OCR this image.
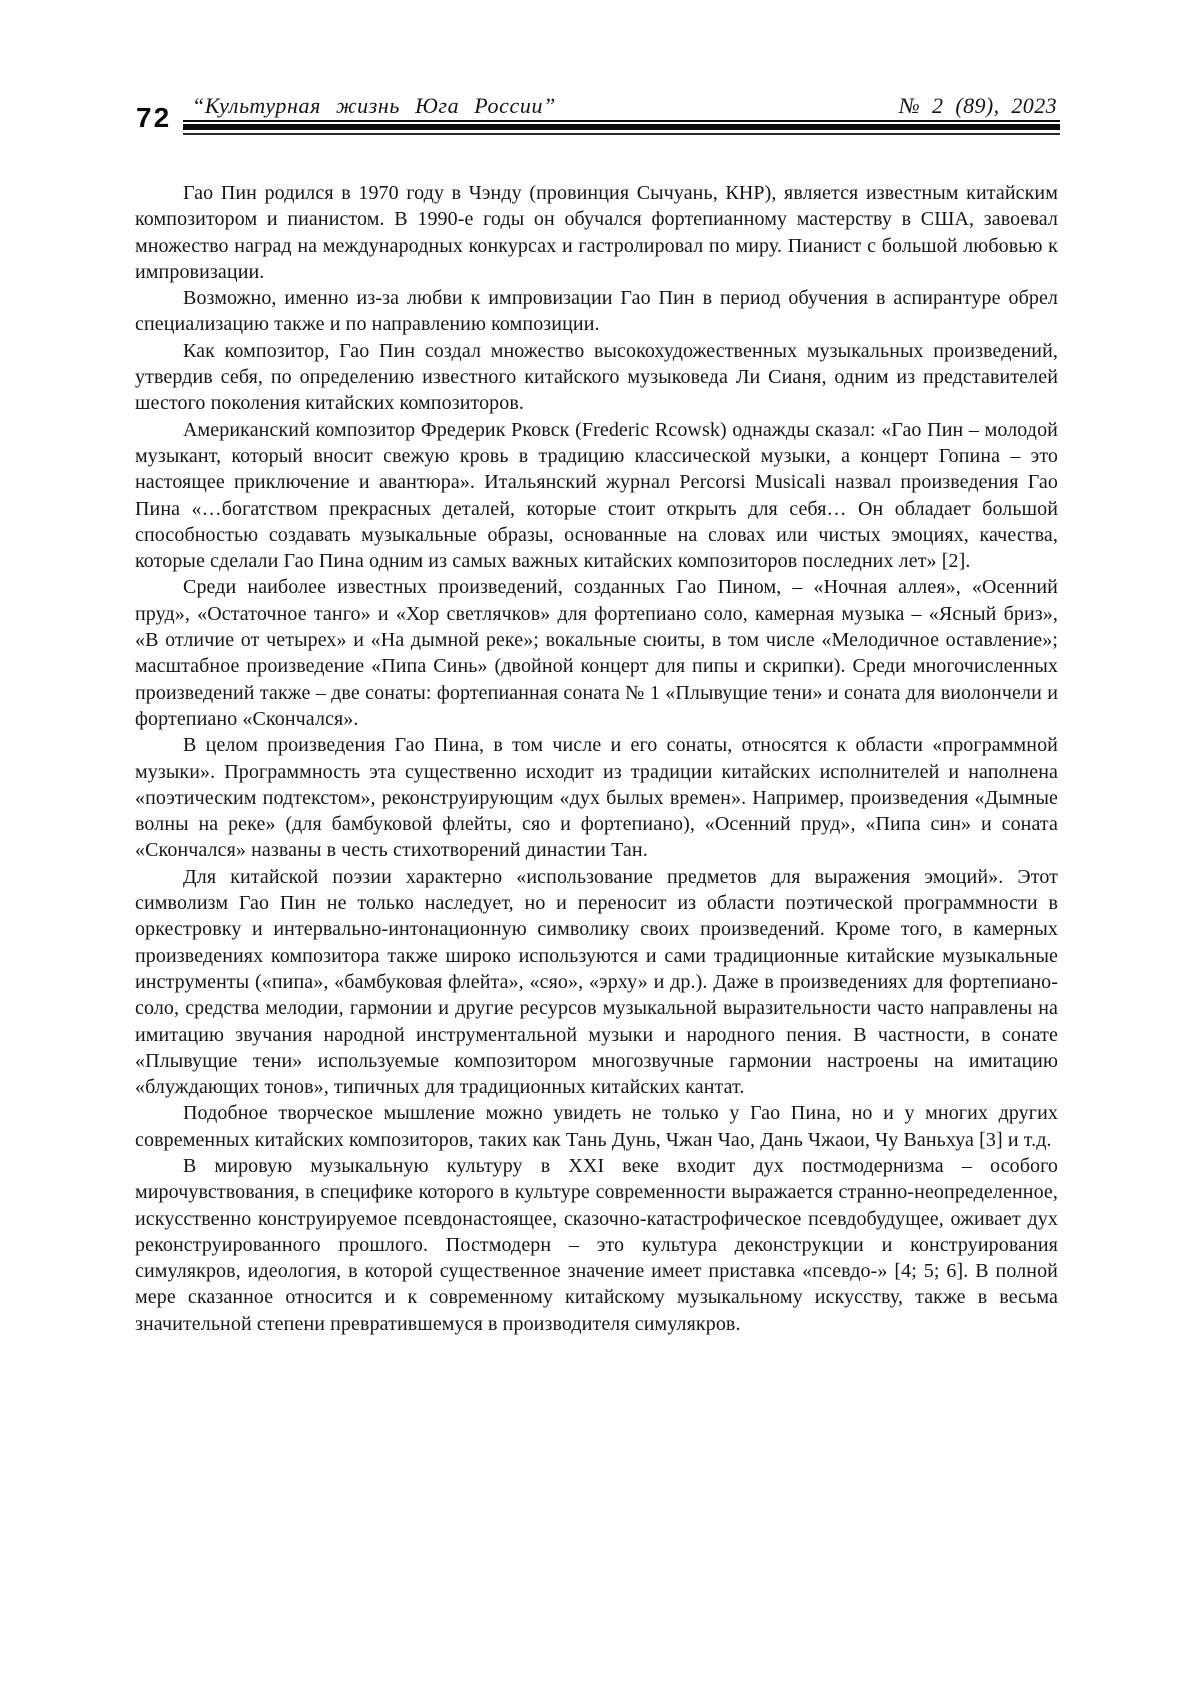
“Культурная жизнь Юга России”	№ 2 (89), 2023
72

Гао Пин родился в 1970 году в Чэнду (провинция Сычуань, КНР), является известным китайским композитором и пианистом. В 1990-е годы он обучался фортепианному мастерству в США, завоевал множество наград на международных конкурсах и гастролировал по миру. Пианист с большой любовью к импровизации.

Возможно, именно из-за любви к импровизации Гао Пин в период обучения в аспирантуре обрел специализацию также и по направлению композиции.

Как композитор, Гао Пин создал множество высокохудожественных музыкальных произведений, утвердив себя, по определению известного китайского музыковеда Ли Сианя, одним из представителей шестого поколения китайских композиторов.

Американский композитор Фредерик Рковск (Frederic Rcowsk) однажды сказал: «Гао Пин – молодой музыкант, который вносит свежую кровь в традицию классической музыки, а концерт Гопина – это настоящее приключение и авантюра». Итальянский журнал Percorsi Musicali назвал произведения Гао Пина «…богатством прекрасных деталей, которые стоит открыть для себя… Он обладает большой способностью создавать музыкальные образы, основанные на словах или чистых эмоциях, качества, которые сделали Гао Пина одним из самых важных китайских композиторов последних лет» [2].

Среди наиболее известных произведений, созданных Гао Пином, – «Ночная аллея», «Осенний пруд», «Остаточное танго» и «Хор светлячков» для фортепиано соло, камерная музыка – «Ясный бриз», «В отличие от четырех» и «На дымной реке»; вокальные сюиты, в том числе «Мелодичное оставление»; масштабное произведение «Пипа Синь» (двойной концерт для пипы и скрипки). Среди многочисленных произведений также – две сонаты: фортепианная соната № 1 «Плывущие тени» и соната для виолончели и фортепиано «Скончался».

В целом произведения Гао Пина, в том числе и его сонаты, относятся к области «программной музыки». Программность эта существенно исходит из традиции китайских исполнителей и наполнена «поэтическим подтекстом», реконструирующим «дух былых времен». Например, произведения «Дымные волны на реке» (для бамбуковой флейты, сяо и фортепиано), «Осенний пруд», «Пипа син» и соната «Скончался» названы в честь стихотворений династии Тан.

Для китайской поэзии характерно «использование предметов для выражения эмоций». Этот символизм Гао Пин не только наследует, но и переносит из области поэтической программности в оркестровку и интервально-интонационную символику своих произведений. Кроме того, в камерных произведениях композитора также широко используются и сами традиционные китайские музыкальные инструменты («пипа», «бамбуковая флейта», «сяо», «эрху» и др.). Даже в произведениях для фортепиано-соло, средства мелодии, гармонии и другие ресурсов музыкальной выразительности часто направлены на имитацию звучания народной инструментальной музыки и народного пения. В частности, в сонате «Плывущие тени» используемые композитором многозвучные гармонии настроены на имитацию «блуждающих тонов», типичных для традиционных китайских кантат.

Подобное творческое мышление можно увидеть не только у Гао Пина, но и у многих других современных китайских композиторов, таких как Тань Дунь, Чжан Чао, Дань Чжаои, Чу Ваньхуа [3] и т.д.

В мировую музыкальную культуру в XXI веке входит дух постмодернизма – особого мирочувствования, в специфике которого в культуре современности выражается странно-неопределенное, искусственно конструируемое псевдонастоящее, сказочно-катастрофическое псевдобудущее, оживает дух реконструированного прошлого. Постмодерн – это культура деконструкции и конструирования симулякров, идеология, в которой существенное значение имеет приставка «псевдо-» [4; 5; 6]. В полной мере сказанное относится и к современному китайскому музыкальному искусству, также в весьма значительной степени превратившемуся в производителя симулякров.
